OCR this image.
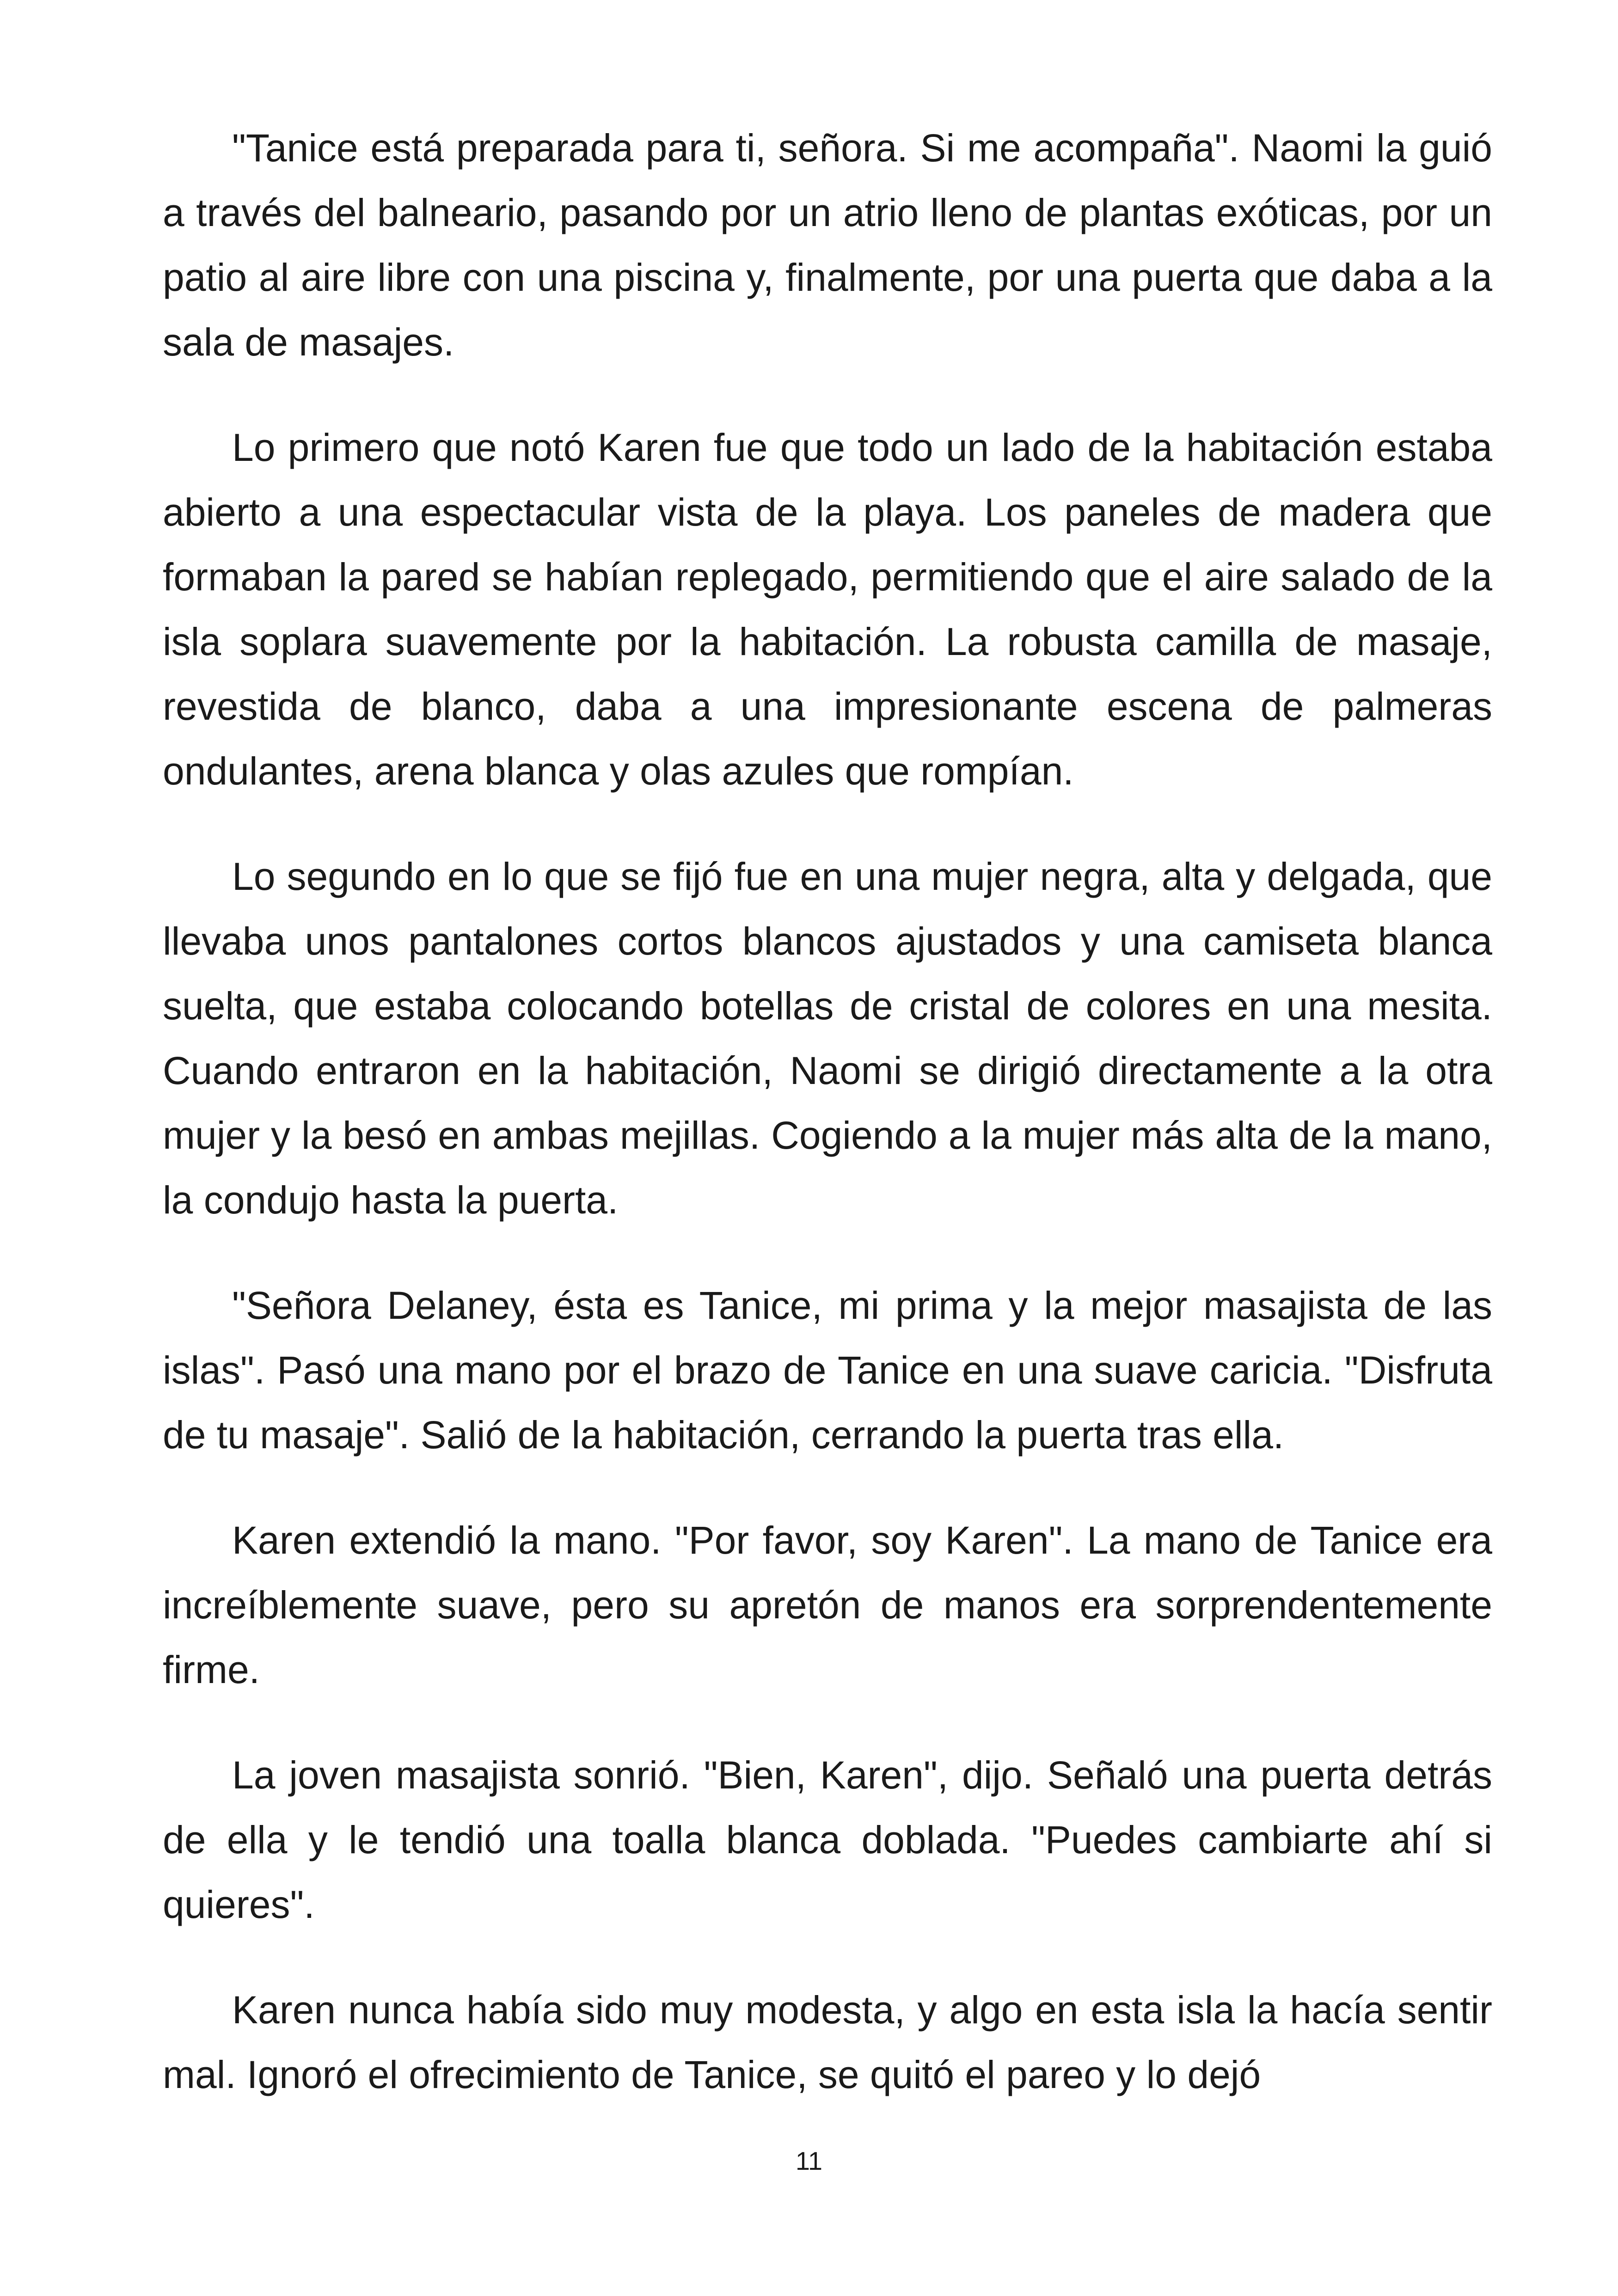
"Tanice está preparada para ti, señora. Si me acompaña". Naomi la guió a través del balneario, pasando por un atrio lleno de plantas exóticas, por un patio al aire libre con una piscina y, finalmente, por una puerta que daba a la sala de masajes.

Lo primero que notó Karen fue que todo un lado de la habitación estaba abierto a una espectacular vista de la playa. Los paneles de madera que formaban la pared se habían replegado, permitiendo que el aire salado de la isla soplara suavemente por la habitación. La robusta camilla de masaje, revestida de blanco, daba a una impresionante escena de palmeras ondulantes, arena blanca y olas azules que rompían.

Lo segundo en lo que se fijó fue en una mujer negra, alta y delgada, que llevaba unos pantalones cortos blancos ajustados y una camiseta blanca suelta, que estaba colocando botellas de cristal de colores en una mesita. Cuando entraron en la habitación, Naomi se dirigió directamente a la otra mujer y la besó en ambas mejillas. Cogiendo a la mujer más alta de la mano, la condujo hasta la puerta.

"Señora Delaney, ésta es Tanice, mi prima y la mejor masajista de las islas". Pasó una mano por el brazo de Tanice en una suave caricia. "Disfruta de tu masaje". Salió de la habitación, cerrando la puerta tras ella.

Karen extendió la mano. "Por favor, soy Karen". La mano de Tanice era increíblemente suave, pero su apretón de manos era sorprendentemente firme.

La joven masajista sonrió. "Bien, Karen", dijo. Señaló una puerta detrás de ella y le tendió una toalla blanca doblada. "Puedes cambiarte ahí si quieres".

Karen nunca había sido muy modesta, y algo en esta isla la hacía sentir mal. Ignoró el ofrecimiento de Tanice, se quitó el pareo y lo dejó

11
